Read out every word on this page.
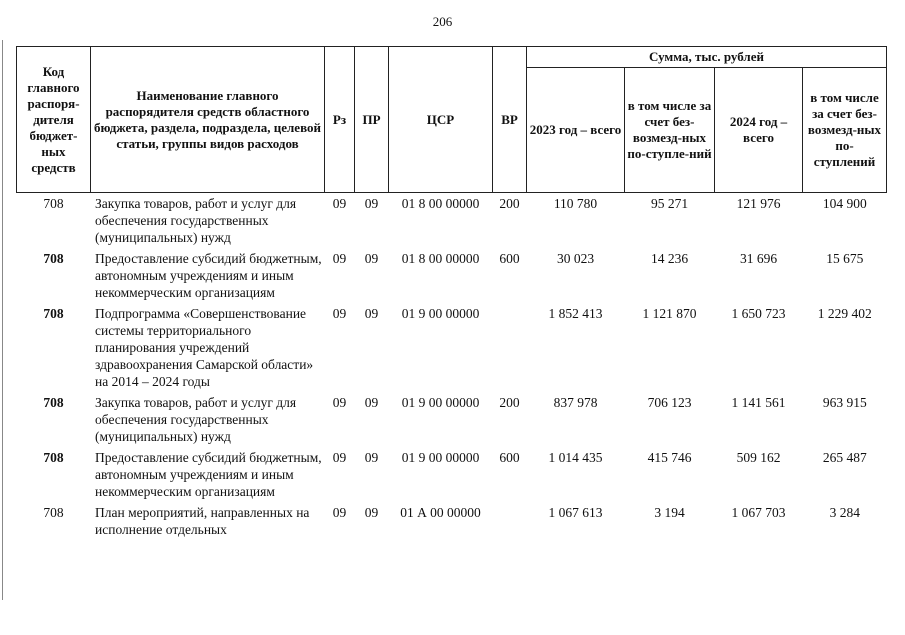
206
Код главного распоря-дителя бюджет-ных средств	Наименование главного распорядителя средств областного бюджета, раздела, подраздела, целевой статьи, группы видов расходов	Рз	ПР	ЦСР	ВР	Сумма, тыс. рублей			
						2023 год – всего	в том числе за счет без-возмезд-ных по-ступле-ний	2024 год – всего	в том числе за счет без-возмезд-ных по-ступлений
708	Закупка товаров, работ и услуг для обеспечения государственных (муниципальных) нужд	09	09	01 8 00 00000	200	110 780	95 271	121 976	104 900
708	Предоставление субсидий бюджетным, автономным учреждениям и иным некоммерческим организациям	09	09	01 8 00 00000	600	30 023	14 236	31 696	15 675
708	Подпрограмма «Совершенствование системы территориального планирования учреждений здравоохранения Самарской области» на 2014 – 2024 годы	09	09	01 9 00 00000		1 852 413	1 121 870	1 650 723	1 229 402
708	Закупка товаров, работ и услуг для обеспечения государственных (муниципальных) нужд	09	09	01 9 00 00000	200	837 978	706 123	1 141 561	963 915
708	Предоставление субсидий бюджетным, автономным учреждениям и иным некоммерческим организациям	09	09	01 9 00 00000	600	1 014 435	415 746	509 162	265 487
708	План мероприятий, направленных на исполнение отдельных	09	09	01 А 00 00000		1 067 613	3 194	1 067 703	3 284
